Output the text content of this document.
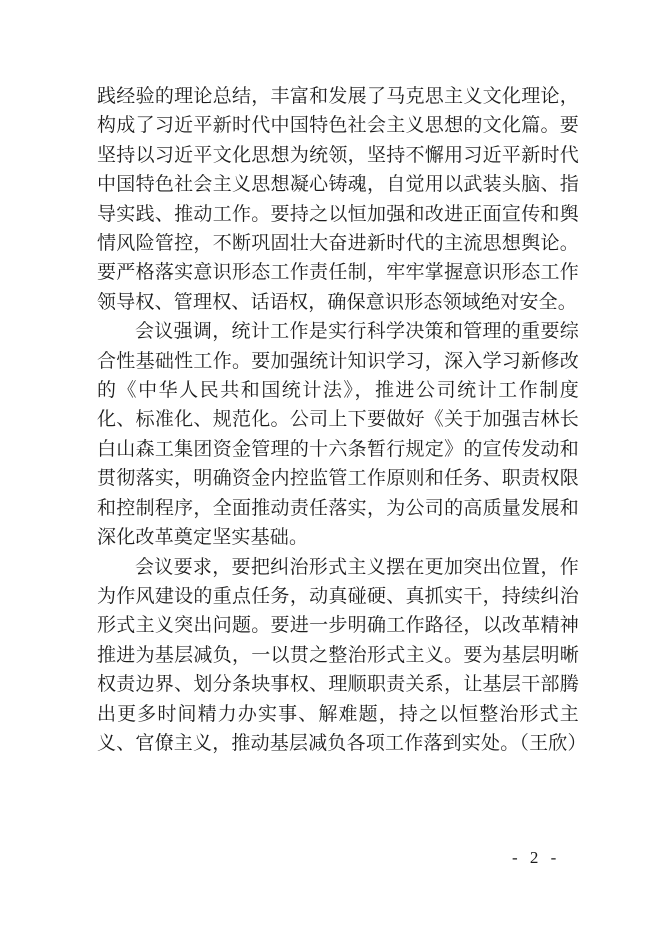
践经验的理论总结，丰富和发展了马克思主义文化理论，构成了习近平新时代中国特色社会主义思想的文化篇。要坚持以习近平文化思想为统领，坚持不懈用习近平新时代中国特色社会主义思想凝心铸魂，自觉用以武装头脑、指导实践、推动工作。要持之以恒加强和改进正面宣传和舆情风险管控，不断巩固壮大奋进新时代的主流思想舆论。要严格落实意识形态工作责任制，牢牢掌握意识形态工作领导权、管理权、话语权，确保意识形态领域绝对安全。

会议强调，统计工作是实行科学决策和管理的重要综合性基础性工作。要加强统计知识学习，深入学习新修改的《中华人民共和国统计法》，推进公司统计工作制度化、标准化、规范化。公司上下要做好《关于加强吉林长白山森工集团资金管理的十六条暂行规定》的宣传发动和贯彻落实，明确资金内控监管工作原则和任务、职责权限和控制程序，全面推动责任落实，为公司的高质量发展和深化改革奠定坚实基础。

会议要求，要把纠治形式主义摆在更加突出位置，作为作风建设的重点任务，动真碰硬、真抓实干，持续纠治形式主义突出问题。要进一步明确工作路径，以改革精神推进为基层减负，一以贯之整治形式主义。要为基层明晰权责边界、划分条块事权、理顺职责关系，让基层干部腾出更多时间精力办实事、解难题，持之以恒整治形式主义、官僚主义，推动基层减负各项工作落到实处。（王欣）

- 2 -
